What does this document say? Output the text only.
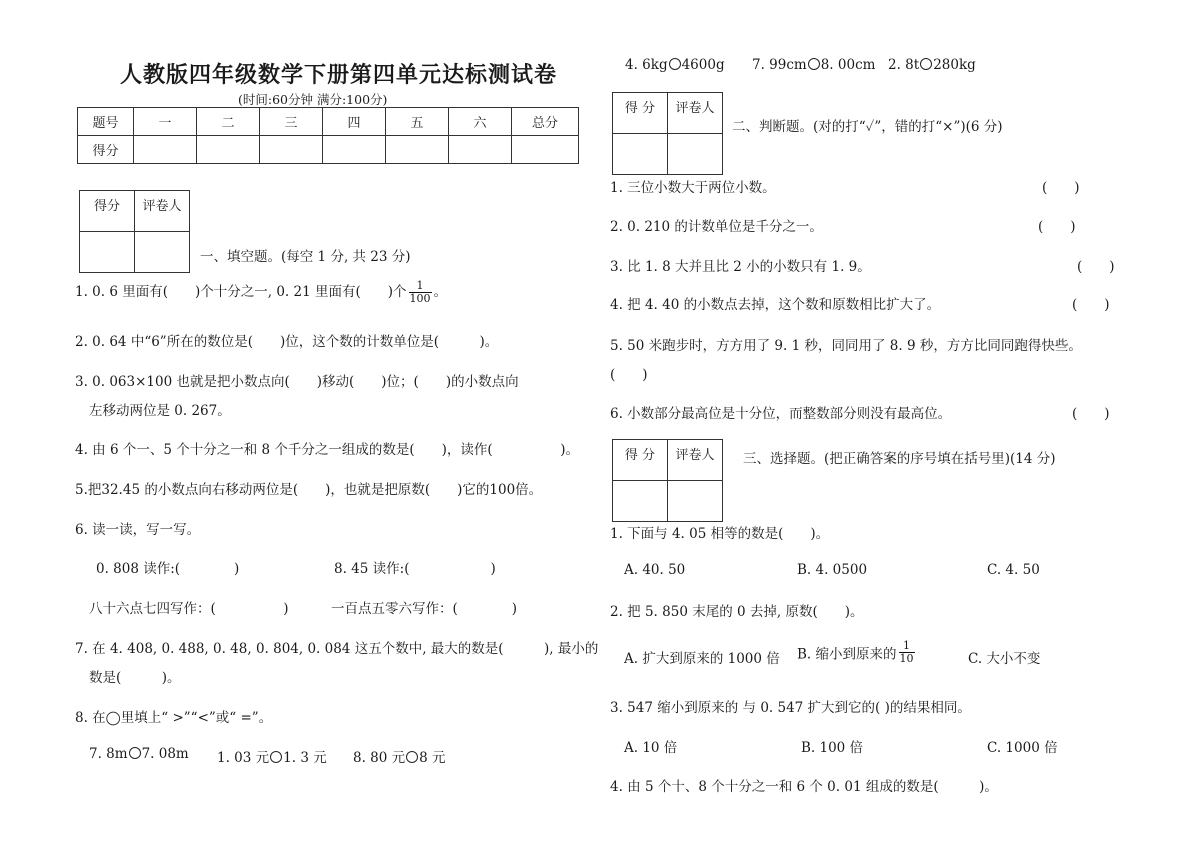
人教版四年级数学下册第四单元达标测试卷
(时间:60分钟 满分:100分)
题号	一	二	三	四	五	六	总分
得分							
得分	评卷人

一、填空题。(每空 1 分, 共 23 分)
1. 0. 6 里面有(　　)个十分之一, 0. 21 里面有(　　)个 $\frac{1}{100}$ 。
2. 0. 64 中“6”所在的数位是(　　)位，这个数的计数单位是(　　　)。
3. 0. 063×100 也就是把小数点向(　　)移动(　　)位；(　　)的小数点向
左移动两位是 0. 267。
4. 由 6 个一、5 个十分之一和 8 个千分之一组成的数是(　　)，读作(　　　　　)。
5.把32.45 的小数点向右移动两位是(　　)，也就是把原数(　　)它的100倍。
6. 读一读，写一写。
0. 808 读作:(　　　　)	8. 45 读作:(　　　　　　)
八十六点七四写作：(　　　　　)	一百点五零六写作：(　　　　)
7. 在 4. 408, 0. 488, 0. 48, 0. 804, 0. 084 这五个数中, 最大的数是(　　　), 最小的
数是(　　　)。
8. 在◯里填上“ >”“<”或“ =”。
7. 8m 7. 08m 1. 03 元 1. 3 元 8. 80 元 8 元
4. 6kg 4600g 7. 99cm 8. 00cm 2. 8t 280kg
得 分	评卷人

二、判断题。(对的打“✓”，错的打“×”)(6 分)
1. 三位小数大于两位小数。	(　　)
2. 0. 210 的计数单位是千分之一。	(　　)
3. 比 1. 8 大并且比 2 小的小数只有 1. 9。	(　　)
4. 把 4. 40 的小数点去掉，这个数和原数相比扩大了。	(　　)
5. 50 米跑步时，方方用了 9. 1 秒，同同用了 8. 9 秒，方方比同同跑得快些。
(　　)
6. 小数部分最高位是十分位，而整数部分则没有最高位。	(　　)
得 分	评卷人
	三、选择题。(把正确答案的序号填在括号里)(14 分)
1. 下面与 4. 05 相等的数是(　　)。
A. 40. 50	B. 4. 0500	C. 4. 50
2. 把 5. 850 末尾的 0 去掉, 原数(　　)。
A. 扩大到原来的 1000 倍 B. 缩小到原来的 $\frac{1}{10}$	C. 大小不变
3. 547 缩小到原来的 与 0. 547 扩大到它的( )的结果相同。
A. 10 倍	B. 100 倍	C. 1000 倍
4. 由 5 个十、8 个十分之一和 6 个 0. 01 组成的数是(　　　)。
